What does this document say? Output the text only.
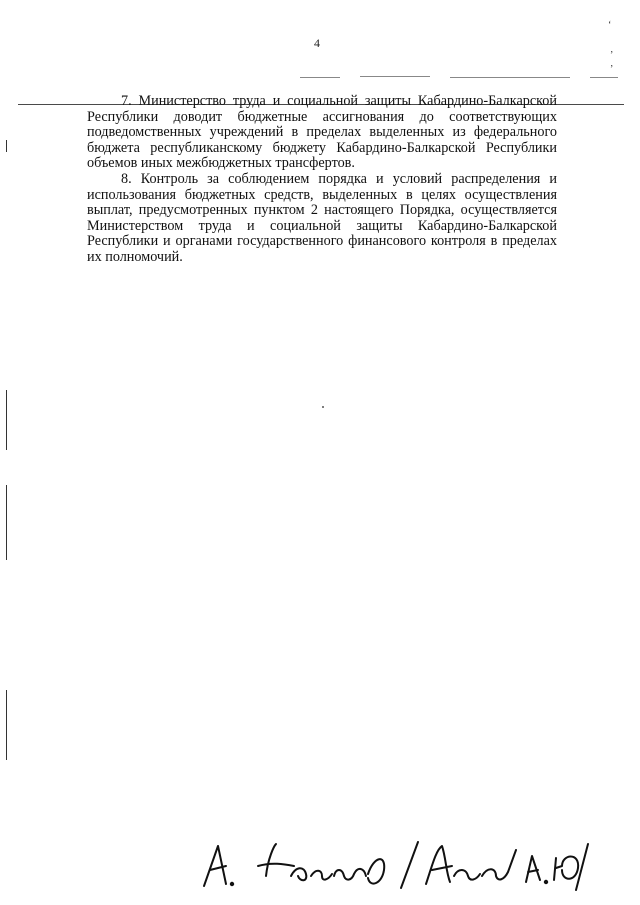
4
‘
ʼ
ʼ

7. Министерство труда и социальной защиты Кабардино-Балкарской Республики доводит бюджетные ассигнования до соответствующих подведомственных учреждений в пределах выделенных из федерального бюджета республиканскому бюджету Кабардино-Балкарской Республики объемов иных межбюджетных трансфертов.

8. Контроль за соблюдением порядка и условий распределения и использования бюджетных средств, выделенных в целях осуществления выплат, предусмотренных пунктом 2 настоящего Порядка, осуществляется Министерством труда и социальной защиты Кабардино-Балкарской Республики и органами государственного финансового контроля в пределах их полномочий.
